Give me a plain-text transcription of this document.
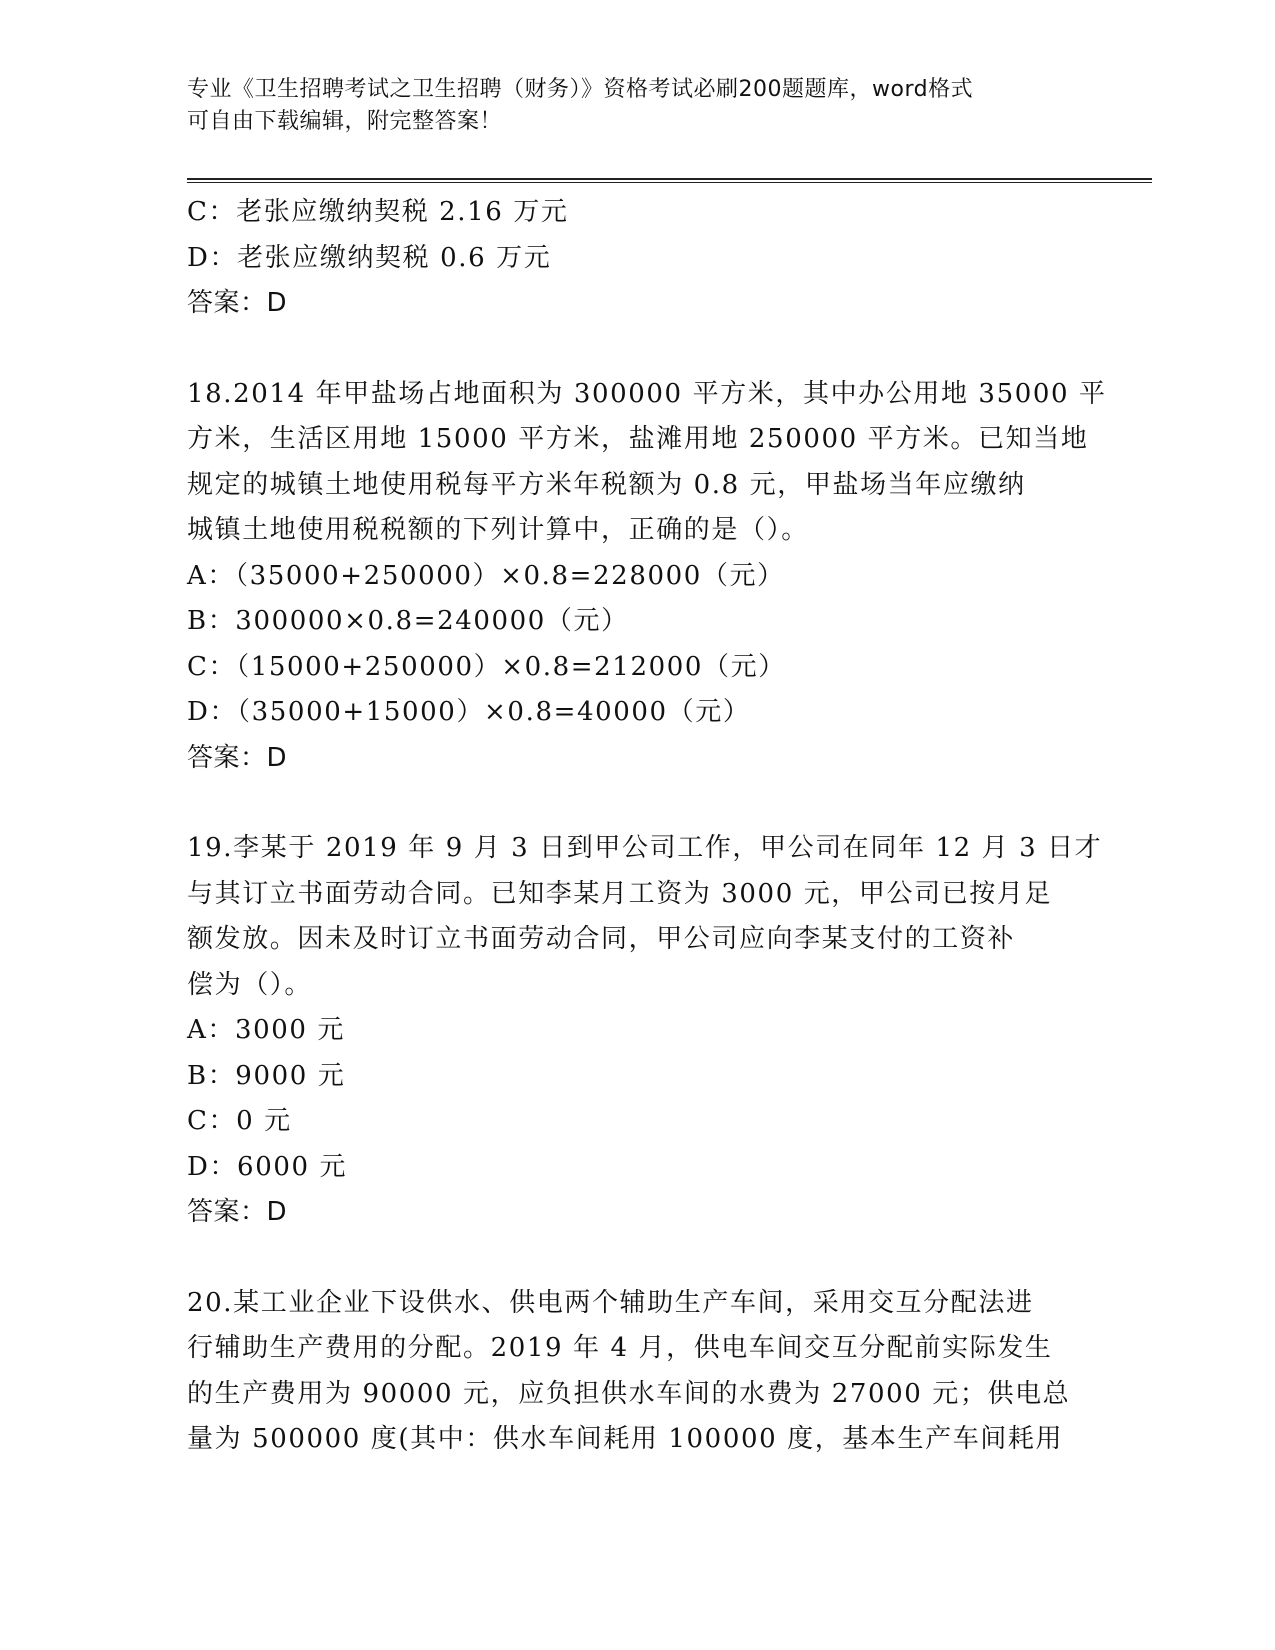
专业《卫生招聘考试之卫生招聘（财务）》资格考试必刷200题题库，word格式
可自由下载编辑，附完整答案！
C：老张应缴纳契税 2.16 万元
D：老张应缴纳契税 0.6 万元
答案：D
18.2014 年甲盐场占地面积为 300000 平方米，其中办公用地 35000 平
方米，生活区用地 15000 平方米，盐滩用地 250000 平方米。已知当地
规定的城镇土地使用税每平方米年税额为 0.8 元，甲盐场当年应缴纳
城镇土地使用税税额的下列计算中，正确的是（）。
A：（35000+250000）×0.8=228000（元）
B：300000×0.8=240000（元）
C：（15000+250000）×0.8=212000（元）
D：（35000+15000）×0.8=40000（元）
答案：D
19.李某于 2019 年 9 月 3 日到甲公司工作，甲公司在同年 12 月 3 日才
与其订立书面劳动合同。已知李某月工资为 3000 元，甲公司已按月足
额发放。因未及时订立书面劳动合同，甲公司应向李某支付的工资补
偿为（）。
A：3000 元
B：9000 元
C：0 元
D：6000 元
答案：D
20.某工业企业下设供水、供电两个辅助生产车间，采用交互分配法进
行辅助生产费用的分配。2019 年 4 月，供电车间交互分配前实际发生
的生产费用为 90000 元，应负担供水车间的水费为 27000 元；供电总
量为 500000 度(其中：供水车间耗用 100000 度，基本生产车间耗用
